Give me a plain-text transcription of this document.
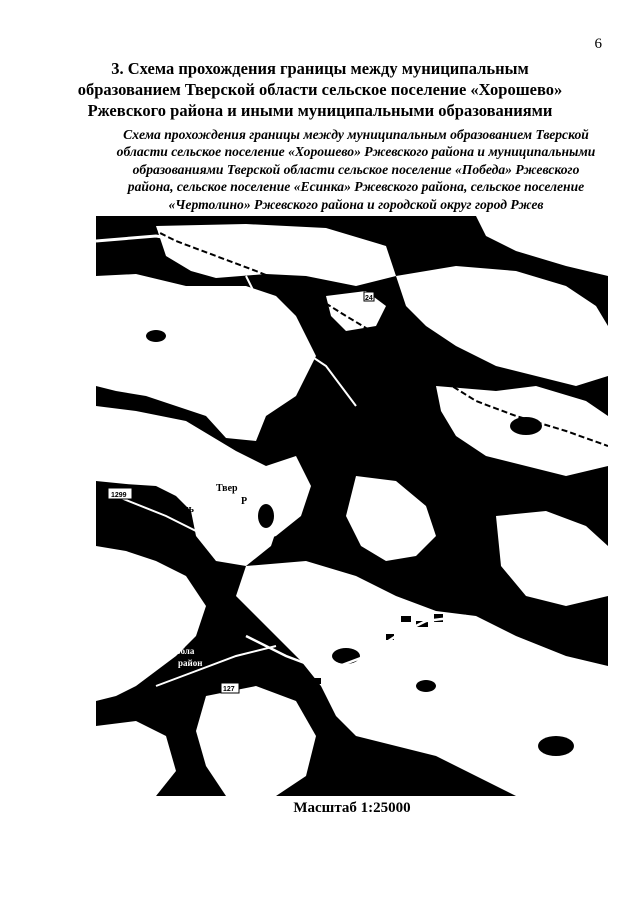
6
3. Схема прохождения границы между муниципальным
образованием Тверской области сельское поселение «Хорошево»
Ржевского района и иными муниципальными образованиями
Схема прохождения границы между муниципальным образованием Тверской
области сельское поселение «Хорошево» Ржевского района и муниципальными
образованиями Тверской области сельское поселение «Победа» Ржевского
района, сельское поселение «Есинка» Ржевского района, сельское поселение
«Чертолино» Ржевского района и городской округ город Ржев
1299
127
24
УТ
Твер
Р
сель
обла
район
Масштаб 1:25000
